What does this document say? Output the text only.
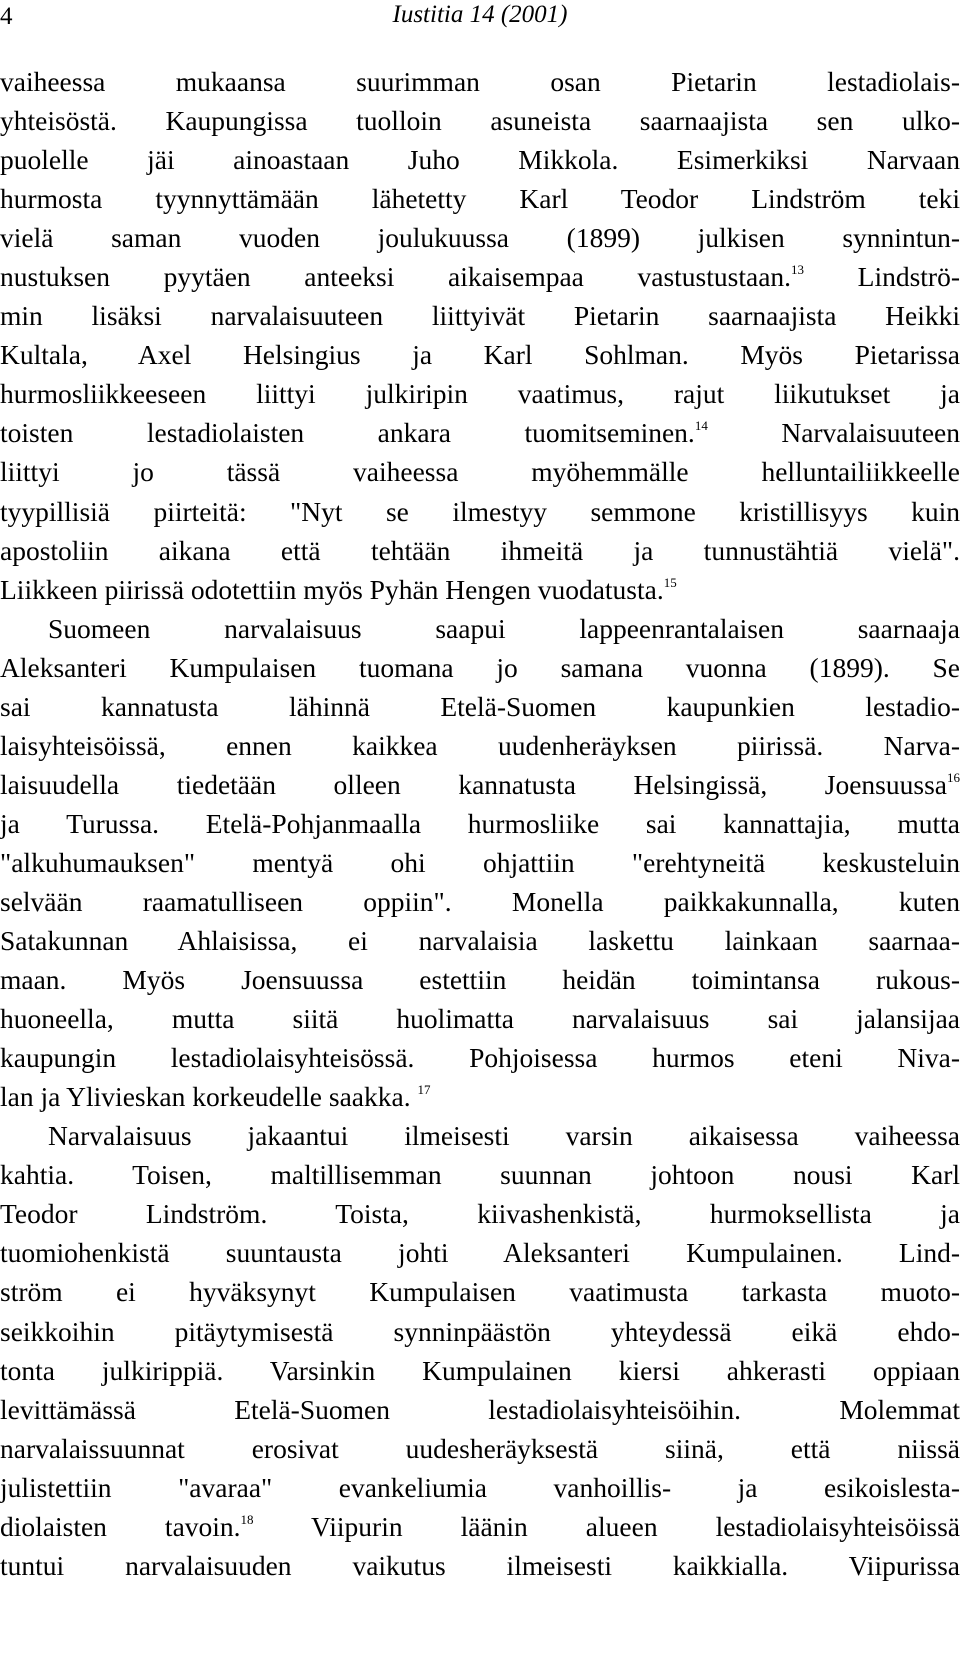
4	Iustitia 14 (2001)
vaiheessa mukaansa suurimman osan Pietarin lestadiolais-
yhteisöstä. Kaupungissa tuolloin asuneista saarnaajista sen ulko-
puolelle jäi ainoastaan Juho Mikkola. Esimerkiksi Narvaan
hurmosta tyynnyttämään lähetetty Karl Teodor Lindström teki
vielä saman vuoden joulukuussa (1899) julkisen synnintun-
nustuksen pyytäen anteeksi aikaisempaa vastustustaan.$^{13}$ Lindströ-
min lisäksi narvalaisuuteen liittyivät Pietarin saarnaajista Heikki
Kultala, Axel Helsingius ja Karl Sohlman. Myös Pietarissa
hurmosliikkeeseen liittyi julkiripin vaatimus, rajut liikutukset ja
toisten lestadiolaisten ankara tuomitseminen.$^{14}$ Narvalaisuuteen
liittyi jo tässä vaiheessa myöhemmälle helluntailiikkeelle
tyypillisiä piirteitä: "Nyt se ilmestyy semmone kristillisyys kuin
apostoliin aikana että tehtään ihmeitä ja tunnustähtiä vielä".
Liikkeen piirissä odotettiin myös Pyhän Hengen vuodatusta.$^{15}$
Suomeen narvalaisuus saapui lappeenrantalaisen saarnaaja
Aleksanteri Kumpulaisen tuomana jo samana vuonna (1899). Se
sai kannatusta lähinnä Etelä-Suomen kaupunkien lestadio-
laisyhteisöissä, ennen kaikkea uudenheräyksen piirissä. Narva-
laisuudella tiedetään olleen kannatusta Helsingissä, Joensuussa$^{16}$
ja Turussa. Etelä-Pohjanmaalla hurmosliike sai kannattajia, mutta
"alkuhumauksen" mentyä ohi ohjattiin "erehtyneitä keskusteluin
selvään raamatulliseen oppiin". Monella paikkakunnalla, kuten
Satakunnan Ahlaisissa, ei narvalaisia laskettu lainkaan saarnaa-
maan. Myös Joensuussa estettiin heidän toimintansa rukous-
huoneella, mutta siitä huolimatta narvalaisuus sai jalansijaa
kaupungin lestadiolaisyhteisössä. Pohjoisessa hurmos eteni Niva-
lan ja Ylivieskan korkeudelle saakka. $^{17}$
Narvalaisuus jakaantui ilmeisesti varsin aikaisessa vaiheessa
kahtia. Toisen, maltillisemman suunnan johtoon nousi Karl
Teodor Lindström. Toista, kiivashenkistä, hurmoksellista ja
tuomiohenkistä suuntausta johti Aleksanteri Kumpulainen. Lind-
ström ei hyväksynyt Kumpulaisen vaatimusta tarkasta muoto-
seikkoihin pitäytymisestä synninpäästön yhteydessä eikä ehdo-
tonta julkirippiä. Varsinkin Kumpulainen kiersi ahkerasti oppiaan
levittämässä Etelä-Suomen lestadiolaisyhteisöihin. Molemmat
narvalaissuunnat erosivat uudesheräyksestä siinä, että niissä
julistettiin "avaraa" evankeliumia vanhoillis- ja esikoislesta-
diolaisten tavoin.$^{18}$ Viipurin läänin alueen lestadiolaisyhteisöissä
tuntui narvalaisuuden vaikutus ilmeisesti kaikkialla. Viipurissa
